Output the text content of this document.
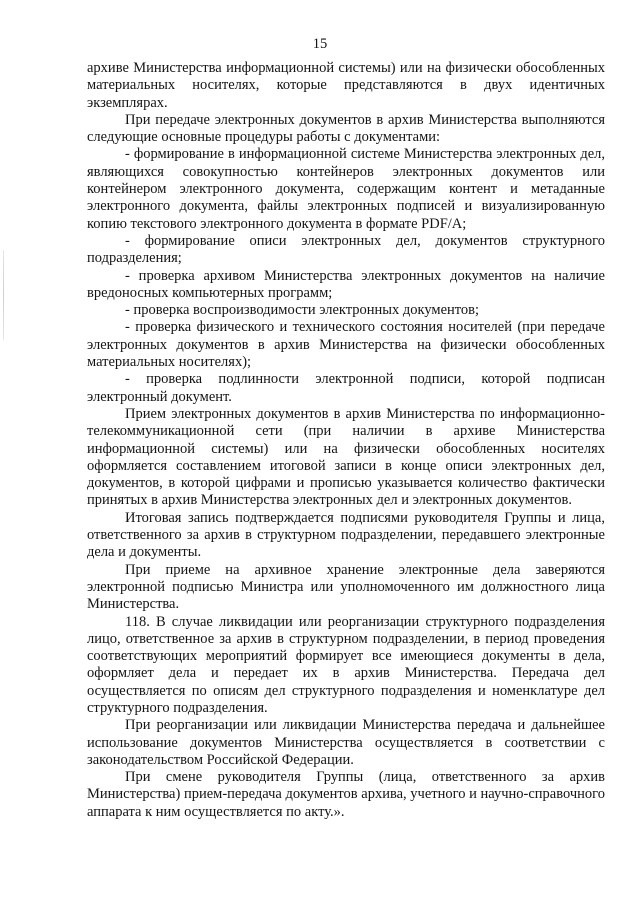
15

архиве Министерства информационной системы) или на физически обособленных материальных носителях, которые представляются в двух идентичных экземплярах.

При передаче электронных документов в архив Министерства выполняются следующие основные процедуры работы с документами:

- формирование в информационной системе Министерства электронных дел, являющихся совокупностью контейнеров электронных документов или контейнером электронного документа, содержащим контент и метаданные электронного документа, файлы электронных подписей и визуализированную копию текстового электронного документа в формате PDF/A;

- формирование описи электронных дел, документов структурного подразделения;

- проверка архивом Министерства электронных документов на наличие вредоносных компьютерных программ;

- проверка воспроизводимости электронных документов;

- проверка физического и технического состояния носителей (при передаче электронных документов в архив Министерства на физически обособленных материальных носителях);

- проверка подлинности электронной подписи, которой подписан электронный документ.

Прием электронных документов в архив Министерства по информационно-телекоммуникационной сети (при наличии в архиве Министерства информационной системы) или на физически обособленных носителях оформляется составлением итоговой записи в конце описи электронных дел, документов, в которой цифрами и прописью указывается количество фактически принятых в архив Министерства электронных дел и электронных документов.

Итоговая запись подтверждается подписями руководителя Группы и лица, ответственного за архив в структурном подразделении, передавшего электронные дела и документы.

При приеме на архивное хранение электронные дела заверяются электронной подписью Министра или уполномоченного им должностного лица Министерства.

118. В случае ликвидации или реорганизации структурного подразделения лицо, ответственное за архив в структурном подразделении, в период проведения соответствующих мероприятий формирует все имеющиеся документы в дела, оформляет дела и передает их в архив Министерства. Передача дел осуществляется по описям дел структурного подразделения и номенклатуре дел структурного подразделения.

При реорганизации или ликвидации Министерства передача и дальнейшее использование документов Министерства осуществляется в соответствии с законодательством Российской Федерации.

При смене руководителя Группы (лица, ответственного за архив Министерства) прием-передача документов архива, учетного и научно-справочного аппарата к ним осуществляется по акту.».
